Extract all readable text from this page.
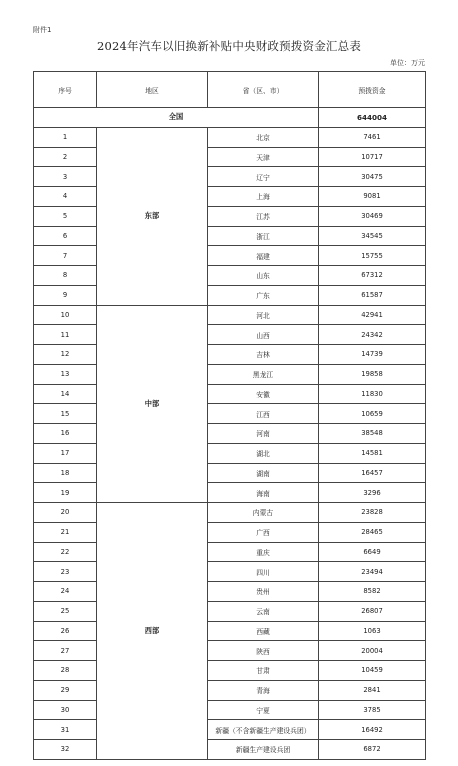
附件1
2024年汽车以旧换新补贴中央财政预拨资金汇总表
单位：万元
序号	地区	省（区、市）	预拨资金
全国			644004
1	东部	北京	7461
2		天津	10717
3		辽宁	30475
4		上海	9081
5		江苏	30469
6		浙江	34545
7		福建	15755
8		山东	67312
9		广东	61587
10	中部	河北	42941
11		山西	24342
12		吉林	14739
13		黑龙江	19858
14		安徽	11830
15		江西	10659
16		河南	38548
17		湖北	14581
18		湖南	16457
19		海南	3296
20	西部	内蒙古	23828
21		广西	28465
22		重庆	6649
23		四川	23494
24		贵州	8582
25		云南	26807
26		西藏	1063
27		陕西	20004
28		甘肃	10459
29		青海	2841
30		宁夏	3785
31		新疆（不含新疆生产建设兵团）	16492
32		新疆生产建设兵团	6872
